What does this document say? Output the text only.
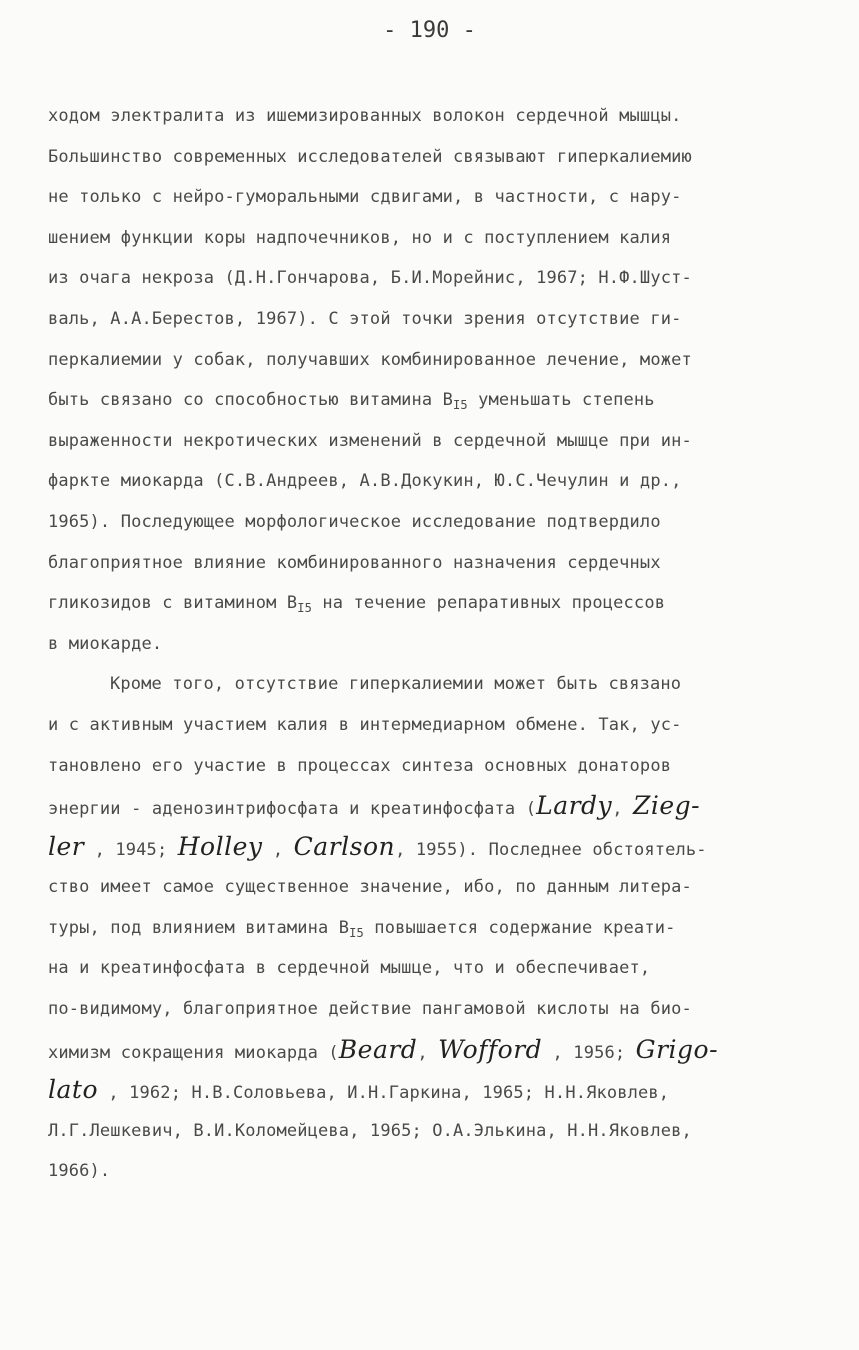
- 190 -
ходом электралита из ишемизированных волокон сердечной мышцы.
Большинство современных исследователей связывают гиперкалиемию
не только с нейро-гуморальными сдвигами, в частности, с нару-
шением функции коры надпочечников, но и с поступлением калия
из очага некроза (Д.Н.Гончарова, Б.И.Морейнис, 1967; Н.Ф.Шуст-
валь, А.А.Берестов, 1967). С этой точки зрения отсутствие ги-
перкалиемии у собак, получавших комбинированное лечение, может
быть связано со способностью витамина $В_{I5}$ уменьшать степень
выраженности некротических изменений в сердечной мышце при ин-
фаркте миокарда (С.В.Андреев, А.В.Докукин, Ю.С.Чечулин и др.,
1965). Последующее морфологическое исследование подтвердило
благоприятное влияние комбинированного назначения сердечных
гликозидов с витамином $В_{I5}$ на течение репаративных процессов
в миокарде.
Кроме того, отсутствие гиперкалиемии может быть связано
и с активным участием калия в интермедиарном обмене. Так, ус-
тановлено его участие в процессах синтеза основных донаторов
энергии - аденозинтрифосфата и креатинфосфата (Lardy, Zieg-
ler , 1945; Holley , Carlson, 1955). Последнее обстоятель-
ство имеет самое существенное значение, ибо, по данным литера-
туры, под влиянием витамина $В_{I5}$ повышается содержание креати-
на и креатинфосфата в сердечной мышце, что и обеспечивает,
по-видимому, благоприятное действие пангамовой кислоты на био-
химизм сокращения миокарда (Beard, Wofford , 1956; Grigo-
lato , 1962; Н.В.Соловьева, И.Н.Гаркина, 1965; Н.Н.Яковлев,
Л.Г.Лешкевич, В.И.Коломейцева, 1965; О.А.Элькина, Н.Н.Яковлев,
1966).
